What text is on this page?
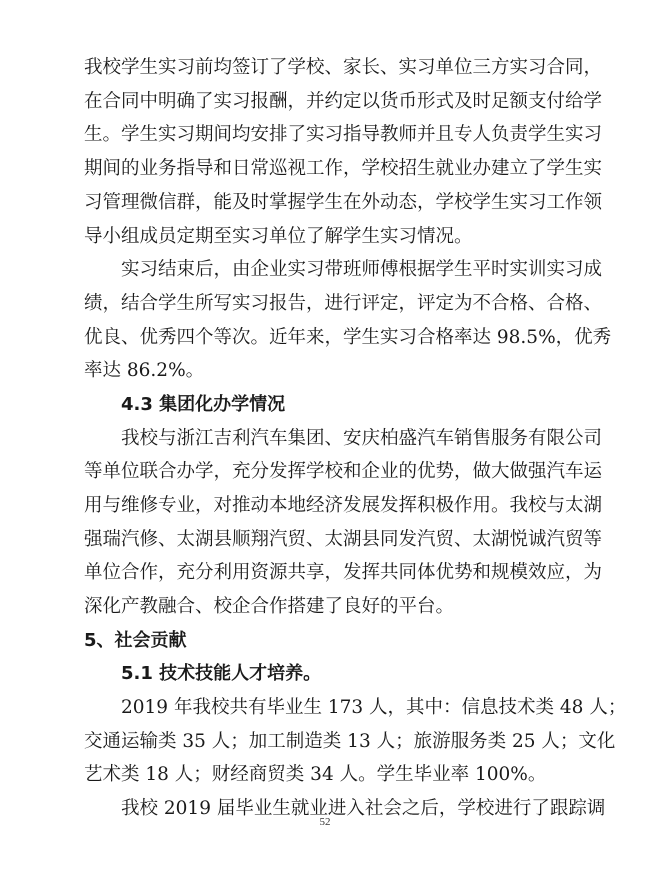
我校学生实习前均签订了学校、家长、实习单位三方实习合同，
在合同中明确了实习报酬，并约定以货币形式及时足额支付给学
生。学生实习期间均安排了实习指导教师并且专人负责学生实习
期间的业务指导和日常巡视工作，学校招生就业办建立了学生实
习管理微信群，能及时掌握学生在外动态，学校学生实习工作领
导小组成员定期至实习单位了解学生实习情况。
实习结束后，由企业实习带班师傅根据学生平时实训实习成
绩，结合学生所写实习报告，进行评定，评定为不合格、合格、
优良、优秀四个等次。近年来，学生实习合格率达 98.5%，优秀
率达 86.2%。
4.3 集团化办学情况
我校与浙江吉利汽车集团、安庆柏盛汽车销售服务有限公司
等单位联合办学，充分发挥学校和企业的优势，做大做强汽车运
用与维修专业，对推动本地经济发展发挥积极作用。我校与太湖
强瑞汽修、太湖县顺翔汽贸、太湖县同发汽贸、太湖悦诚汽贸等
单位合作，充分利用资源共享，发挥共同体优势和规模效应，为
深化产教融合、校企合作搭建了良好的平台。
5、社会贡献
5.1 技术技能人才培养。
2019 年我校共有毕业生 173 人，其中：信息技术类 48 人；
交通运输类 35 人；加工制造类 13 人；旅游服务类 25 人；文化
艺术类 18 人；财经商贸类 34 人。学生毕业率 100%。
我校 2019 届毕业生就业进入社会之后，学校进行了跟踪调
52
